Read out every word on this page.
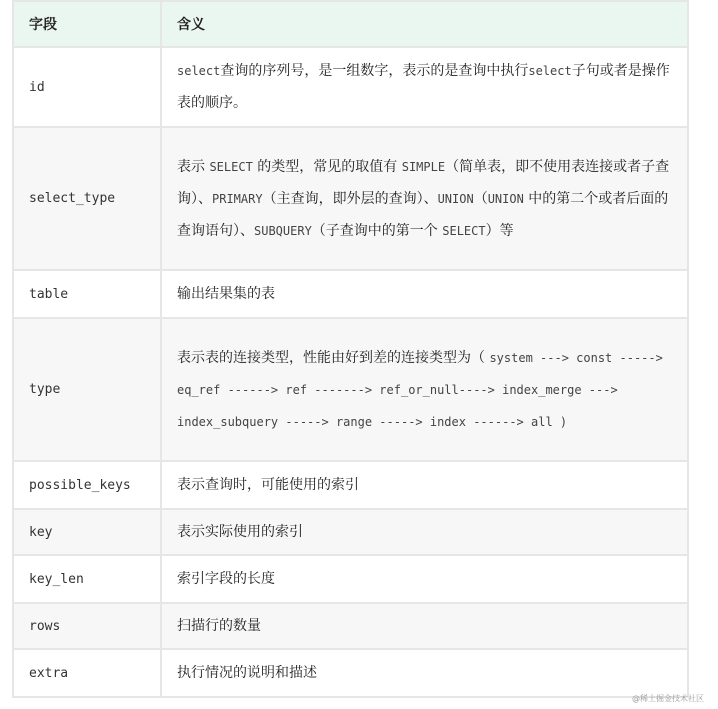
字段	含义
id	select查询的序列号，是一组数字，表示的是查询中执行select子句或者是操作表的顺序。
select_type	表示 SELECT 的类型，常见的取值有 SIMPLE（简单表，即不使用表连接或者子查询）、PRIMARY（主查询，即外层的查询）、UNION（UNION 中的第二个或者后面的查询语句）、SUBQUERY（子查询中的第一个 SELECT）等
table	输出结果集的表
type	表示表的连接类型，性能由好到差的连接类型为（ system ---> const -----> eq_ref ------> ref -------> ref_or_null----> index_merge ---> index_subquery -----> range -----> index ------> all )
possible_keys	表示查询时，可能使用的索引
key	表示实际使用的索引
key_len	索引字段的长度
rows	扫描行的数量
extra	执行情况的说明和描述
@稀土掘金技术社区
